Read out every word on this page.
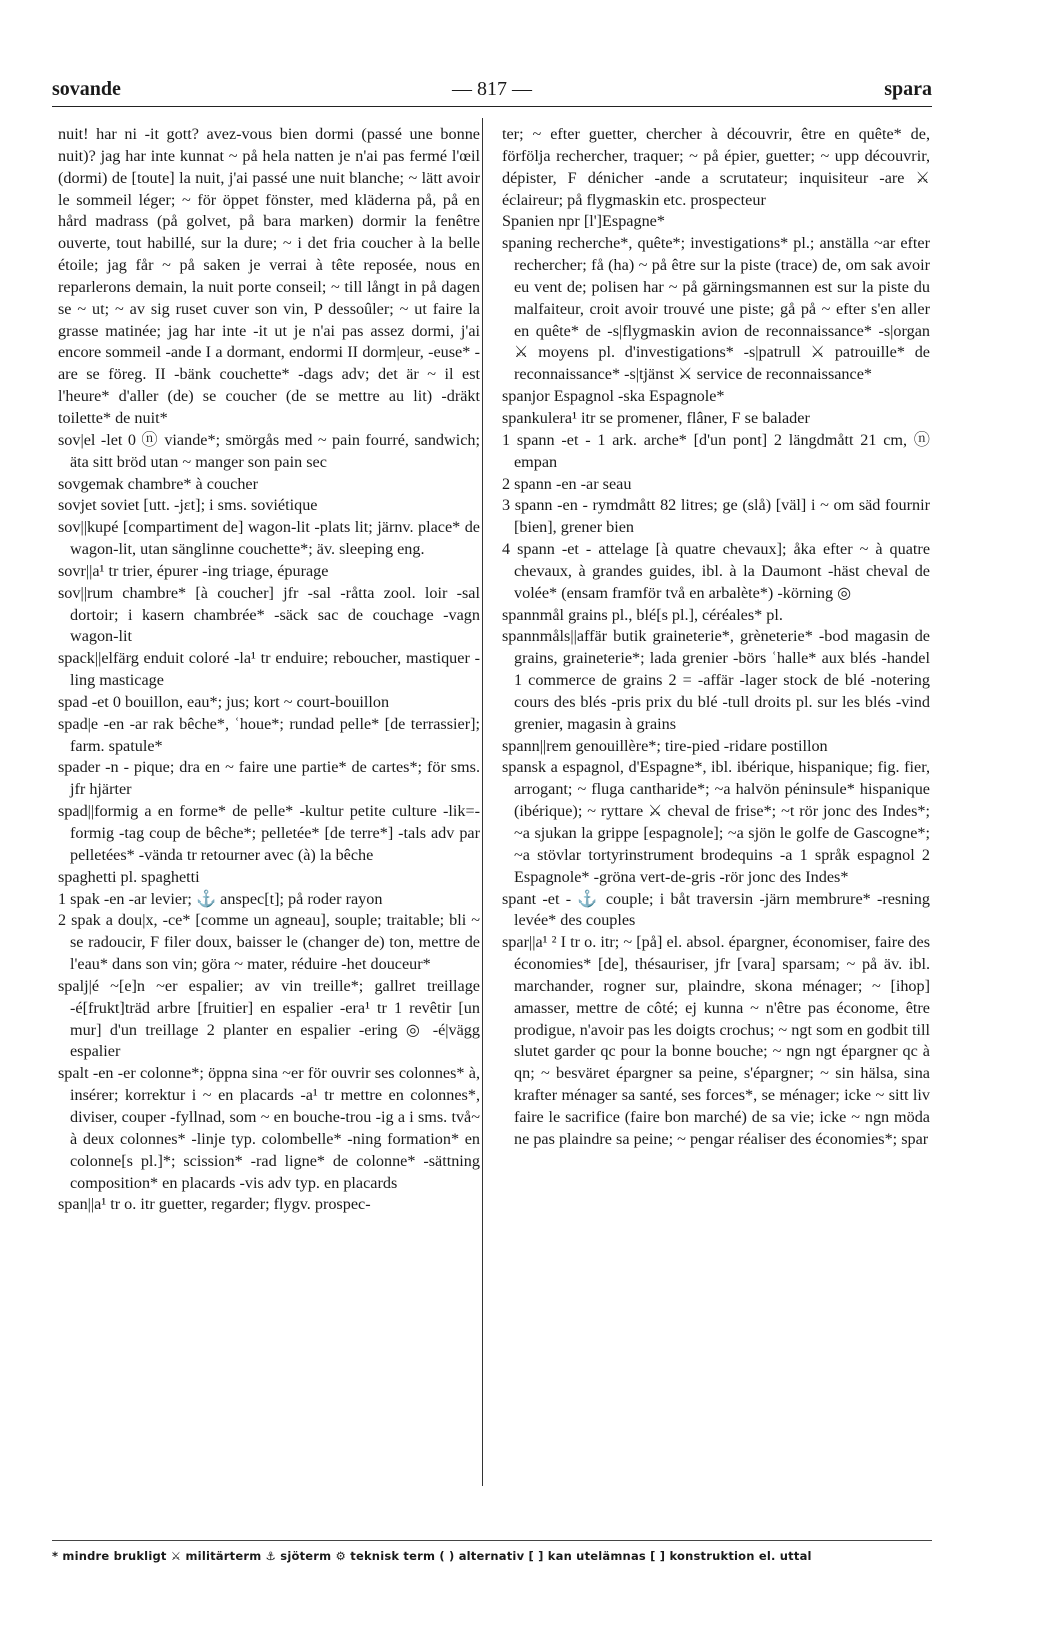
sovande	— 817 —	spara

nuit! har ni -it gott? avez-vous bien dormi (passé une bonne nuit)? jag har inte kunnat ~ på hela natten je n'ai pas fermé l'œil (dormi) de [toute] la nuit, j'ai passé une nuit blanche; ~ lätt avoir le sommeil léger; ~ för öppet fönster, med kläderna på, på en hård madrass (på golvet, på bara marken) dormir la fenêtre ouverte, tout habillé, sur la dure; ~ i det fria coucher à la belle étoile; jag får ~ på saken je verrai à tête reposée, nous en reparlerons demain, la nuit porte conseil; ~ till långt in på dagen se ~ ut; ~ av sig ruset cuver son vin, P dessoûler; ~ ut faire la grasse matinée; jag har inte -it ut je n'ai pas assez dormi, j'ai encore sommeil -ande I a dormant, endormi II dorm|eur, -euse* -are se föreg. II -bänk couchette* -dags adv; det är ~ il est l'heure* d'aller (de) se coucher (de se mettre au lit) -dräkt toilette* de nuit*

sov|el -let 0 ⓝ viande*; smörgås med ~ pain fourré, sandwich; äta sitt bröd utan ~ manger son pain sec

sovgemak chambre* à coucher

sovjet soviet [utt. -jɛt]; i sms. soviétique

sov||kupé [compartiment de] wagon-lit -plats lit; järnv. place* de wagon-lit, utan sänglinne couchette*; äv. sleeping eng.

sovr||a¹ tr trier, épurer -ing triage, épurage

sov||rum chambre* [à coucher] jfr -sal -råtta zool. loir -sal dortoir; i kasern chambrée* -säck sac de couchage -vagn wagon-lit

spack||elfärg enduit coloré -la¹ tr enduire; reboucher, mastiquer -ling masticage

spad -et 0 bouillon, eau*; jus; kort ~ court-bouillon

spad|e -en -ar rak bêche*, ʿhoue*; rundad pelle* [de terrassier]; farm. spatule*

spader -n - pique; dra en ~ faire une partie* de cartes*; för sms. jfr hjärter

spad||formig a en forme* de pelle* -kultur petite culture -lik=-formig -tag coup de bêche*; pelletée* [de terre*] -tals adv par pelletées* -vända tr retourner avec (à) la bêche

spaghetti pl. spaghetti

1 spak -en -ar levier; ⚓ anspec[t]; på roder rayon

2 spak a dou|x, -ce* [comme un agneau], souple; traitable; bli ~ se radoucir, F filer doux, baisser le (changer de) ton, mettre de l'eau* dans son vin; göra ~ mater, réduire -het douceur*

spalj|é ~[e]n ~er espalier; av vin treille*; gallret treillage -é[frukt]träd arbre [fruitier] en espalier -era¹ tr 1 revêtir [un mur] d'un treillage 2 planter en espalier -ering ◎ -é|vägg espalier

spalt -en -er colonne*; öppna sina ~er för ouvrir ses colonnes* à, insérer; korrektur i ~ en placards -a¹ tr mettre en colonnes*, diviser, couper -fyllnad, som ~ en bouche-trou -ig a i sms. två~ à deux colonnes* -linje typ. colombelle* -ning formation* en colonne[s pl.]*; scission* -rad ligne* de colonne* -sättning composition* en placards -vis adv typ. en placards

span||a¹ tr o. itr guetter, regarder; flygv. prospec-

ter; ~ efter guetter, chercher à découvrir, être en quête* de, förfölja rechercher, traquer; ~ på épier, guetter; ~ upp découvrir, dépister, F dénicher -ande a scrutateur; inquisiteur -are ⚔ éclaireur; på flygmaskin etc. prospecteur

Spanien npr [l']Espagne*

spaning recherche*, quête*; investigations* pl.; anställa ~ar efter rechercher; få (ha) ~ på être sur la piste (trace) de, om sak avoir eu vent de; polisen har ~ på gärningsmannen est sur la piste du malfaiteur, croit avoir trouvé une piste; gå på ~ efter s'en aller en quête* de -s|flygmaskin avion de reconnaissance* -s|organ ⚔ moyens pl. d'investigations* -s|patrull ⚔ patrouille* de reconnaissance* -s|tjänst ⚔ service de reconnaissance*

spanjor Espagnol -ska Espagnole*

spankulera¹ itr se promener, flâner, F se balader

1 spann -et - 1 ark. arche* [d'un pont] 2 längdmått 21 cm, ⓝ empan

2 spann -en -ar seau

3 spann -en - rymdmått 82 litres; ge (slå) [väl] i ~ om säd fournir [bien], grener bien

4 spann -et - attelage [à quatre chevaux]; åka efter ~ à quatre chevaux, à grandes guides, ibl. à la Daumont -häst cheval de volée* (ensam framför två en arbalète*) -körning ◎

spannmål grains pl., blé[s pl.], céréales* pl.

spannmåls||affär butik graineterie*, grèneterie* -bod magasin de grains, graineterie*; lada grenier -börs ʿhalle* aux blés -handel 1 commerce de grains 2 = -affär -lager stock de blé -notering cours des blés -pris prix du blé -tull droits pl. sur les blés -vind grenier, magasin à grains

spann||rem genouillère*; tire-pied -ridare postillon

spansk a espagnol, d'Espagne*, ibl. ibérique, hispanique; fig. fier, arrogant; ~ fluga cantharide*; ~a halvön péninsule* hispanique (ibérique); ~ ryttare ⚔ cheval de frise*; ~t rör jonc des Indes*; ~a sjukan la grippe [espagnole]; ~a sjön le golfe de Gascogne*; ~a stövlar tortyrinstrument brodequins -a 1 språk espagnol 2 Espagnole* -gröna vert-de-gris -rör jonc des Indes*

spant -et - ⚓ couple; i båt traversin -järn membrure* -resning levée* des couples

spar||a¹ ² I tr o. itr; ~ [på] el. absol. épargner, économiser, faire des économies* [de], thésauriser, jfr [vara] sparsam; ~ på äv. ibl. marchander, rogner sur, plaindre, skona ménager; ~ [ihop] amasser, mettre de côté; ej kunna ~ n'être pas économe, être prodigue, n'avoir pas les doigts crochus; ~ ngt som en godbit till slutet garder qc pour la bonne bouche; ~ ngn ngt épargner qc à qn; ~ besväret épargner sa peine, s'épargner; ~ sin hälsa, sina krafter ménager sa santé, ses forces*, se ménager; icke ~ sitt liv faire le sacrifice (faire bon marché) de sa vie; icke ~ ngn möda ne pas plaindre sa peine; ~ pengar réaliser des économies*; spar

* mindre brukligt ⚔ militärterm ⚓ sjöterm ⚙ teknisk term ( ) alternativ [ ] kan utelämnas [ ] konstruktion el. uttal
